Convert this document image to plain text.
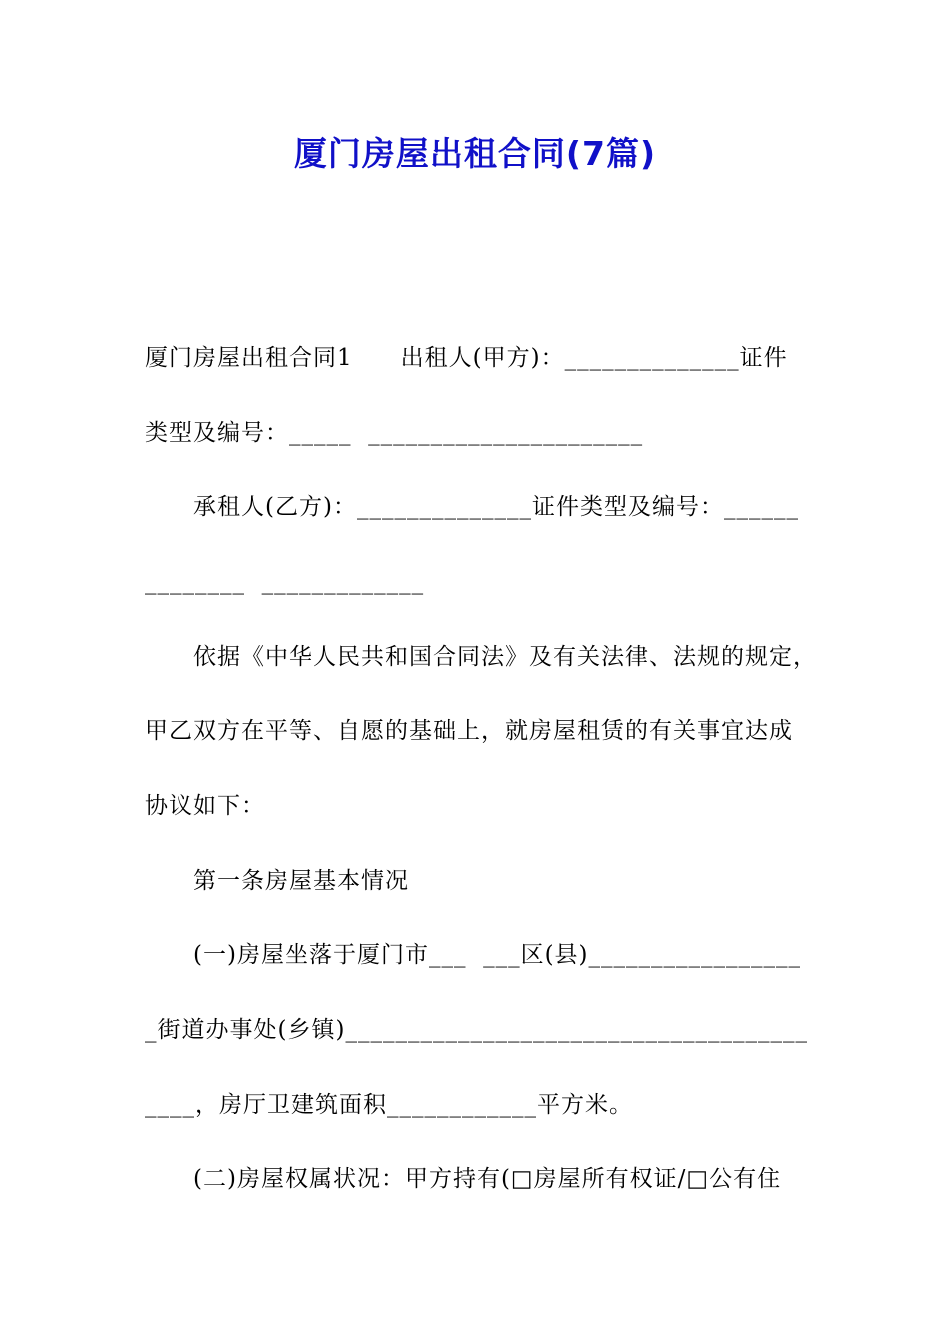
厦门房屋出租合同(7篇)
厦门房屋出租合同1　　出租人(甲方)：______________证件
类型及编号：_____  ______________________
承租人(乙方)：______________证件类型及编号：______
________  _____________
依据《中华人民共和国合同法》及有关法律、法规的规定，
甲乙双方在平等、自愿的基础上，就房屋租赁的有关事宜达成
协议如下：
第一条房屋基本情况
(一)房屋坐落于厦门市___  ___区(县)_________________
_街道办事处(乡镇)_____________________________________
____，房厅卫建筑面积____________平方米。
(二)房屋权属状况：甲方持有(□房屋所有权证/□公有住
